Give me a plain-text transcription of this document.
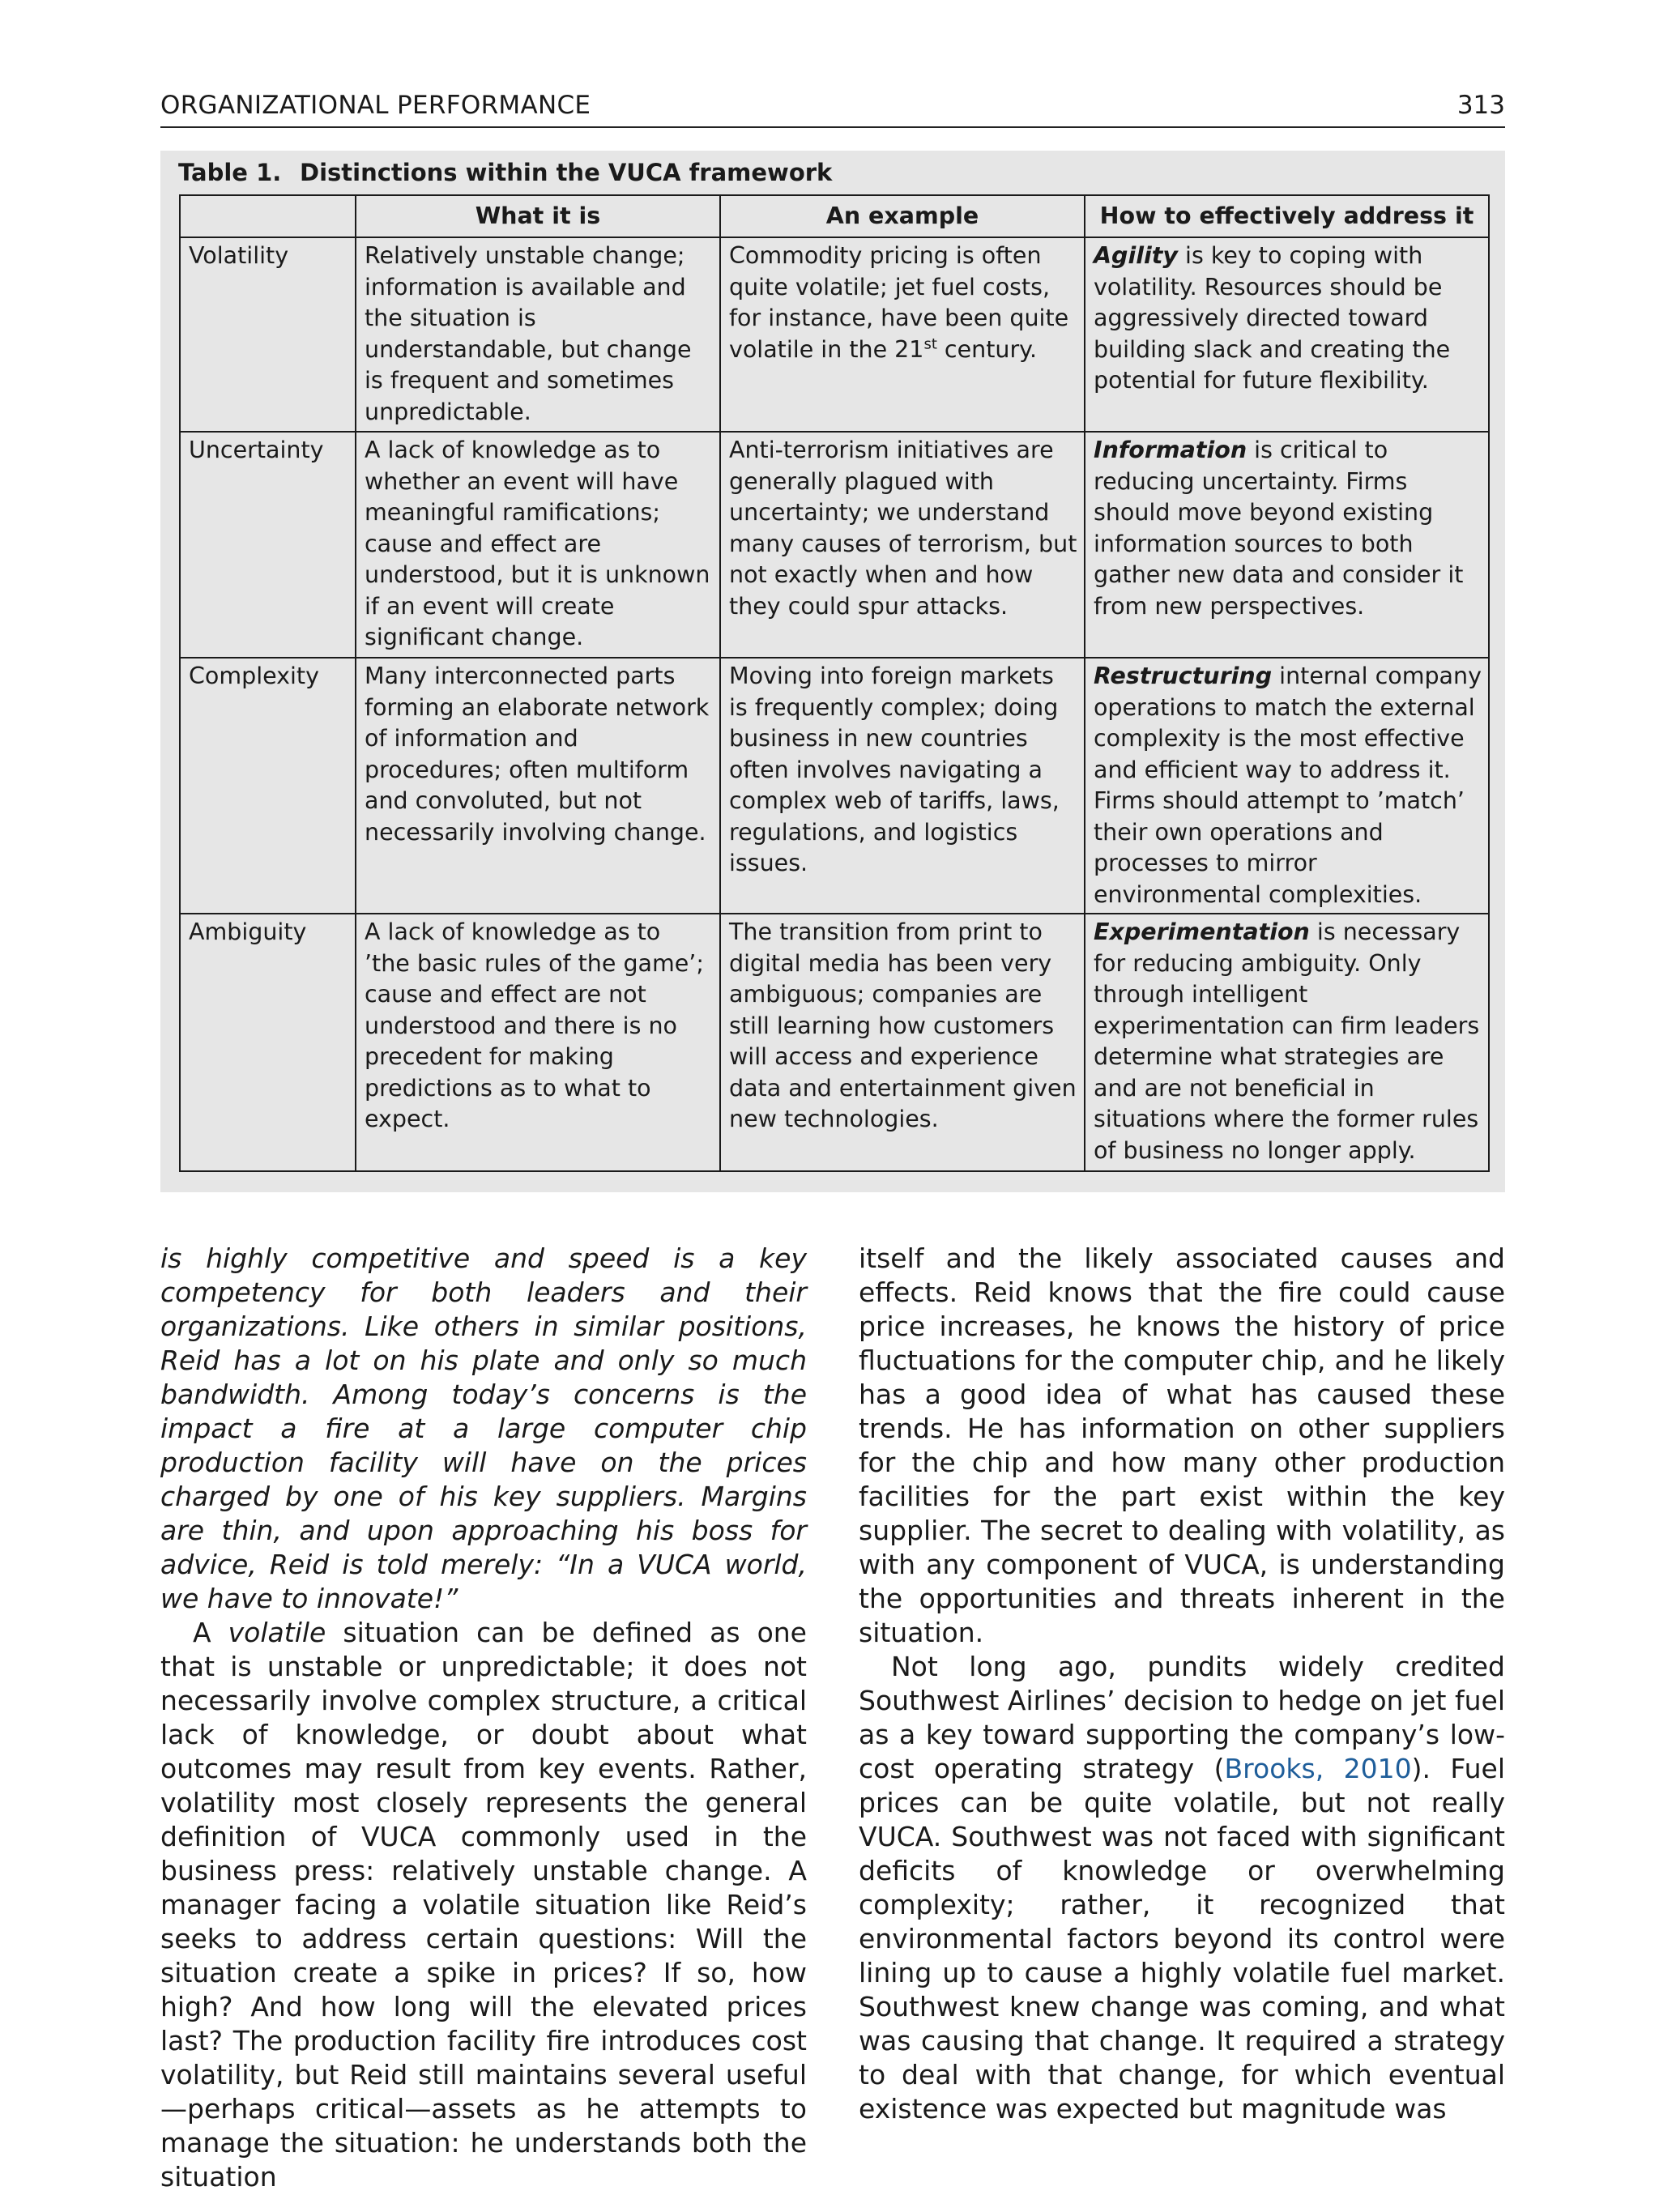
ORGANIZATIONAL PERFORMANCE	313
Table 1. Distinctions within the VUCA framework
	What it is	An example	How to effectively address it
Volatility	Relatively unstable change; information is available and the situation is understandable, but change is frequent and sometimes unpredictable.	Commodity pricing is often quite volatile; jet fuel costs, for instance, have been quite volatile in the 21st century.	Agility is key to coping with volatility. Resources should be aggressively directed toward building slack and creating the potential for future flexibility.
Uncertainty	A lack of knowledge as to whether an event will have meaningful ramifications; cause and effect are understood, but it is unknown if an event will create significant change.	Anti-terrorism initiatives are generally plagued with uncertainty; we understand many causes of terrorism, but not exactly when and how they could spur attacks.	Information is critical to reducing uncertainty. Firms should move beyond existing information sources to both gather new data and consider it from new perspectives.
Complexity	Many interconnected parts forming an elaborate network of information and procedures; often multiform and convoluted, but not necessarily involving change.	Moving into foreign markets is frequently complex; doing business in new countries often involves navigating a complex web of tariffs, laws, regulations, and logistics issues.	Restructuring internal company operations to match the external complexity is the most effective and efficient way to address it. Firms should attempt to ’match’ their own operations and processes to mirror environmental complexities.
Ambiguity	A lack of knowledge as to ’the basic rules of the game’; cause and effect are not understood and there is no precedent for making predictions as to what to expect.	The transition from print to digital media has been very ambiguous; companies are still learning how customers will access and experience data and entertainment given new technologies.	Experimentation is necessary for reducing ambiguity. Only through intelligent experimentation can firm leaders determine what strategies are and are not beneficial in situations where the former rules of business no longer apply.

is highly competitive and speed is a key competency for both leaders and their organizations. Like others in similar positions, Reid has a lot on his plate and only so much bandwidth. Among today’s concerns is the impact a fire at a large computer chip production facility will have on the prices charged by one of his key suppliers. Margins are thin, and upon approaching his boss for advice, Reid is told merely: “In a VUCA world, we have to innovate!”

A volatile situation can be defined as one that is unstable or unpredictable; it does not necessarily involve complex structure, a critical lack of knowledge, or doubt about what outcomes may result from key events. Rather, volatility most closely represents the general definition of VUCA commonly used in the business press: relatively unstable change. A manager facing a volatile situation like Reid’s seeks to address certain questions: Will the situation create a spike in prices? If so, how high? And how long will the elevated prices last? The production facility fire introduces cost volatility, but Reid still maintains several useful—perhaps critical—assets as he attempts to manage the situation: he understands both the situation

itself and the likely associated causes and effects. Reid knows that the fire could cause price increases, he knows the history of price fluctuations for the computer chip, and he likely has a good idea of what has caused these trends. He has information on other suppliers for the chip and how many other production facilities for the part exist within the key supplier. The secret to dealing with volatility, as with any component of VUCA, is understanding the opportunities and threats inherent in the situation.

Not long ago, pundits widely credited Southwest Airlines’ decision to hedge on jet fuel as a key toward supporting the company’s low-cost operating strategy (Brooks, 2010). Fuel prices can be quite volatile, but not really VUCA. Southwest was not faced with significant deficits of knowledge or overwhelming complexity; rather, it recognized that environmental factors beyond its control were lining up to cause a highly volatile fuel market. Southwest knew change was coming, and what was causing that change. It required a strategy to deal with that change, for which eventual existence was expected but magnitude was
